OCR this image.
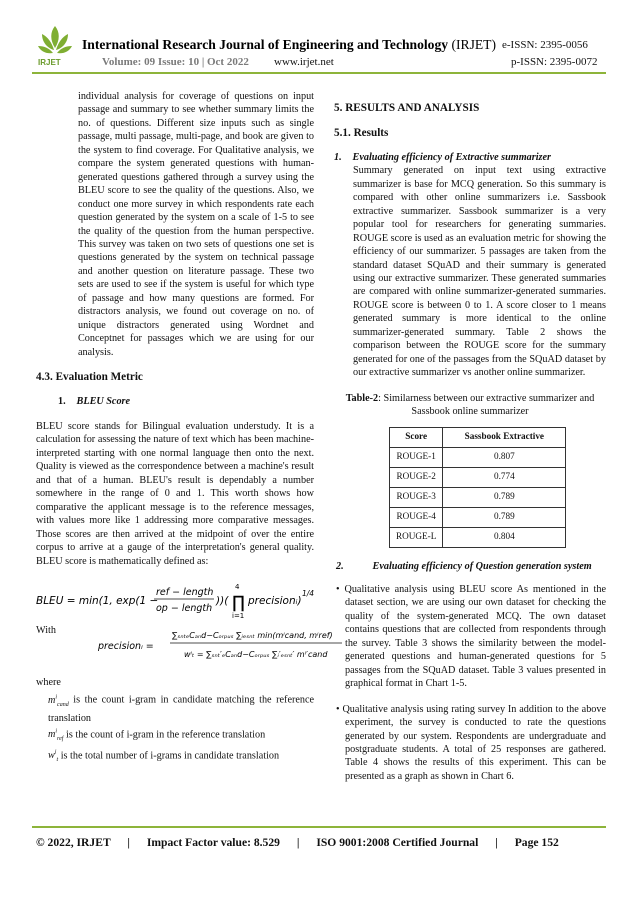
IRJET
International Research Journal of Engineering and Technology (IRJET) e-ISSN: 2395-0056
Volume: 09 Issue: 10 | Oct 2022 www.irjet.net	p-ISSN: 2395-0072

individual analysis for coverage of questions on input passage and summary to see whether summary limits the no. of questions. Different size inputs such as single passage, multi passage, multi-page, and book are given to the system to find coverage. For Qualitative analysis, we compare the system generated questions with human-generated questions gathered through a survey using the BLEU score to see the quality of the questions. Also, we conduct one more survey in which respondents rate each question generated by the system on a scale of 1-5 to see the quality of the question from the human perspective. This survey was taken on two sets of questions one set is questions generated by the system on technical passage and another question on literature passage. These two sets are used to see if the system is useful for which type of passage and how many questions are formed. For distractors analysis, we found out coverage on no. of unique distractors generated using Wordnet and Conceptnet for passages which we are using for our analysis.

4.3. Evaluation Metric

1. BLEU Score

BLEU score stands for Bilingual evaluation understudy. It is a calculation for assessing the nature of text which has been machine-interpreted starting with one normal language then onto the next. Quality is viewed as the correspondence between a machine's result and that of a human. BLEU's result is dependably a number somewhere in the range of 0 and 1. This worth shows how comparative the applicant message is to the reference messages, with values more like 1 addressing more comparative messages. Those scores are then arrived at the midpoint of over the entire corpus to arrive at a gauge of the interpretation's general quality. BLEU score is mathematically defined as:

BLEU = min(1, exp(1 −
ref − length
op − length
))( ∏
4
i=1
precisionᵢ)
1/4
With
precisionᵢ =
∑ₛₙₜₑCₐₙd−Cₒᵣₚᵤₛ ∑ᵢₑₛₙₜ min(mⁱcand, mⁱref)
wⁱₜ = ∑ₛₙₜ′ₑCₐₙd−Cₒᵣₚᵤₛ ∑ᵢ′ₑₛₙₜ′ mⁱ′cand

where

$m^i_{cand}$ is the count i-gram in candidate matching the reference translation

$m^i_{ref}$ is the count of i-gram in the reference translation

$w^i_t$ is the total number of i-grams in candidate translation

5. RESULTS AND ANALYSIS

5.1. Results

1. Evaluating efficiency of Extractive summarizer

Summary generated on input text using extractive summarizer is base for MCQ generation. So this summary is compared with other online summarizers i.e. Sassbook extractive summarizer. Sassbook summarizer is a very popular tool for researchers for generating summaries. ROUGE score is used as an evaluation metric for showing the efficiency of our summarizer. 5 passages are taken from the standard dataset SQuAD and their summary is generated using our extractive summarizer. These generated summaries are compared with online summarizer-generated summaries. ROUGE score is between 0 to 1. A score closer to 1 means generated summary is more identical to the online summarizer-generated summary. Table 2 shows the comparison between the ROUGE score for the summary generated for one of the passages from the SQuAD dataset by our extractive summarizer vs another online summarizer.

Table-2: Similarness between our extractive summarizer and Sassbook online summarizer

Score	Sassbook Extractive
ROUGE-1	0.807
ROUGE-2	0.774
ROUGE-3	0.789
ROUGE-4	0.789
ROUGE-L	0.804

2.	Evaluating efficiency of Question generation system

• Qualitative analysis using BLEU score As mentioned in the dataset section, we are using our own dataset for checking the quality of the system-generated MCQ. The own dataset contains questions that are collected from respondents through the survey. Table 3 shows the similarity between the model-generated questions and human-generated questions for 5 passages from the SQuAD dataset. Table 3 values presented in graphical format in Chart 1-5.

• Qualitative analysis using rating survey In addition to the above experiment, the survey is conducted to rate the questions generated by our system. Respondents are undergraduate and postgraduate students. A total of 25 responses are gathered. Table 4 shows the results of this experiment. This can be presented as a graph as shown in Chart 6.

© 2022, IRJET | Impact Factor value: 8.529 | ISO 9001:2008 Certified Journal | Page 152
